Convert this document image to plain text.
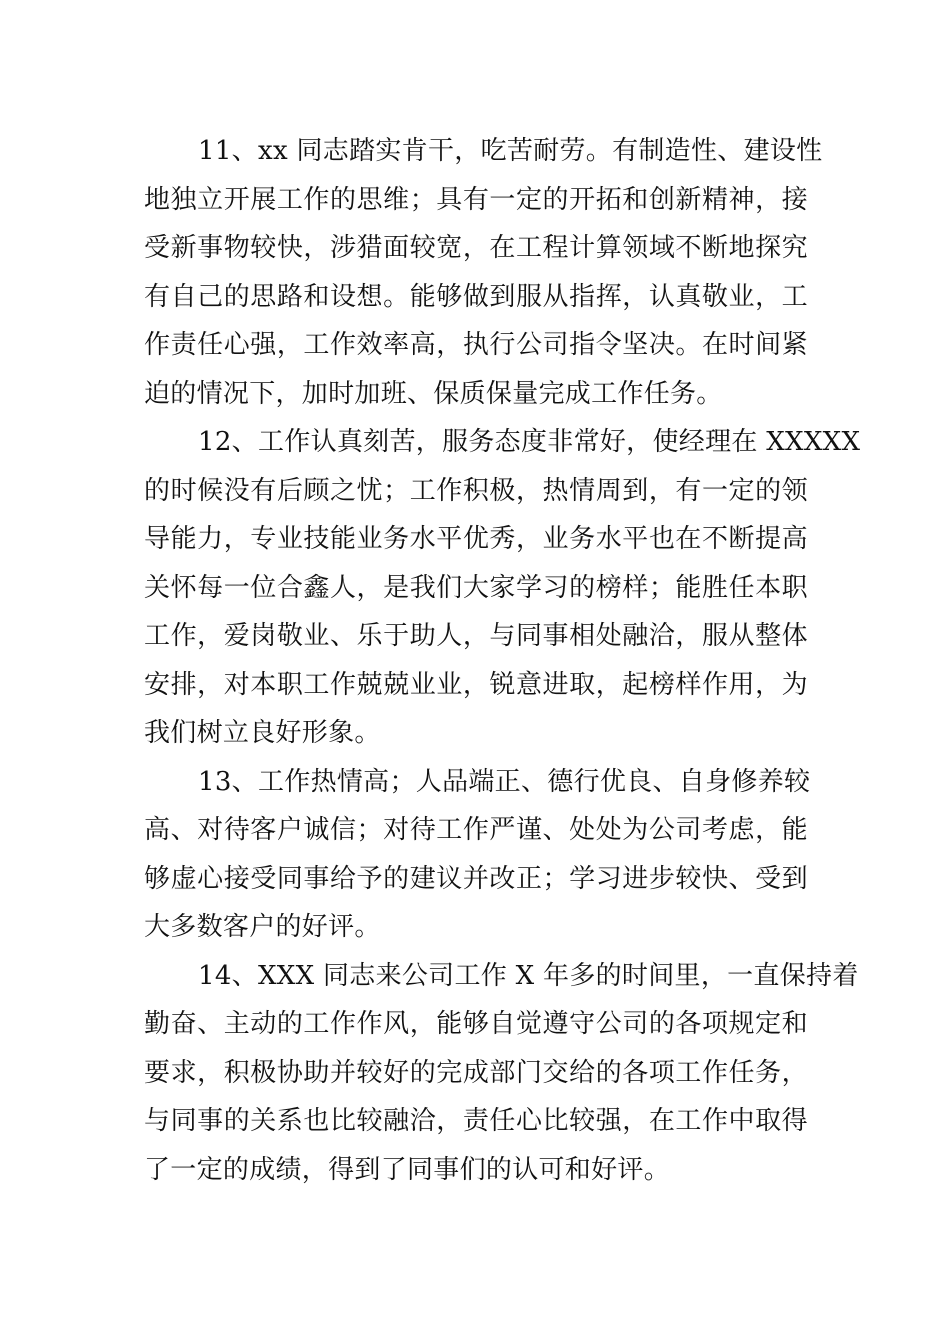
11、xx 同志踏实肯干，吃苦耐劳。有制造性、建设性
地独立开展工作的思维；具有一定的开拓和创新精神，接
受新事物较快，涉猎面较宽，在工程计算领域不断地探究
有自己的思路和设想。能够做到服从指挥，认真敬业，工
作责任心强，工作效率高，执行公司指令坚决。在时间紧
迫的情况下，加时加班、保质保量完成工作任务。

12、工作认真刻苦，服务态度非常好，使经理在 XXXXX
的时候没有后顾之忧；工作积极，热情周到，有一定的领
导能力，专业技能业务水平优秀，业务水平也在不断提高
关怀每一位合鑫人，是我们大家学习的榜样；能胜任本职
工作，爱岗敬业、乐于助人，与同事相处融洽，服从整体
安排，对本职工作兢兢业业，锐意进取，起榜样作用，为
我们树立良好形象。

13、工作热情高；人品端正、德行优良、自身修养较
高、对待客户诚信；对待工作严谨、处处为公司考虑，能
够虚心接受同事给予的建议并改正；学习进步较快、受到
大多数客户的好评。

14、XXX 同志来公司工作 X 年多的时间里，一直保持着
勤奋、主动的工作作风，能够自觉遵守公司的各项规定和
要求，积极协助并较好的完成部门交给的各项工作任务，
与同事的关系也比较融洽，责任心比较强，在工作中取得
了一定的成绩，得到了同事们的认可和好评。
